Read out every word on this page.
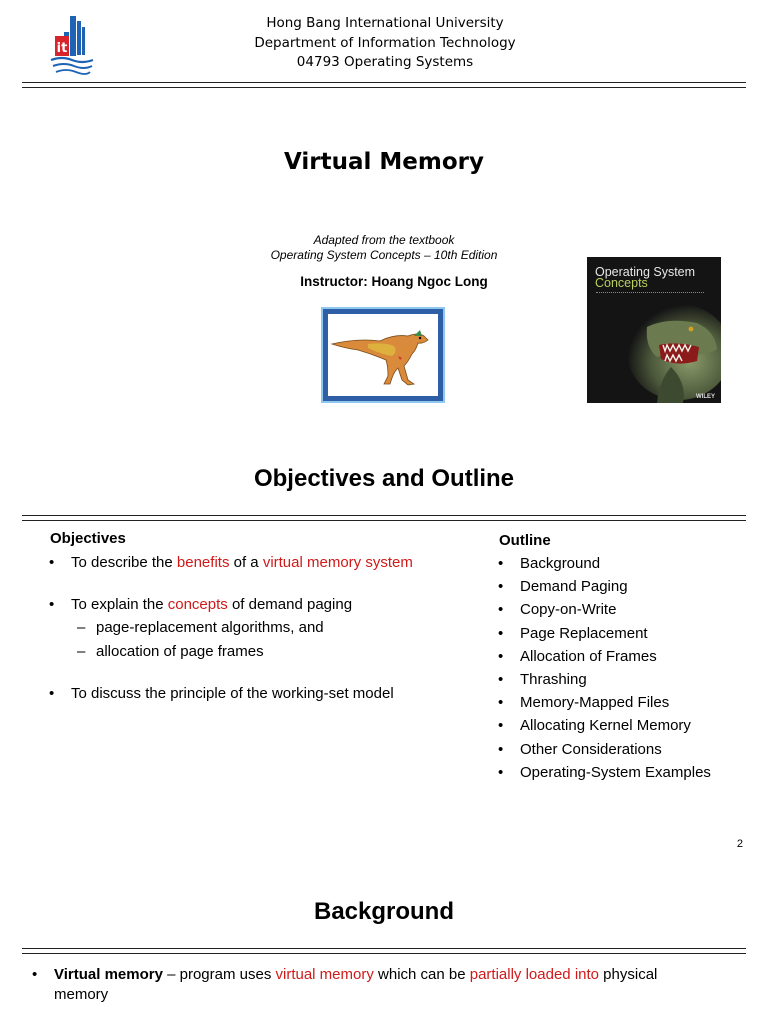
it
Hong Bang International University
Department of Information Technology
04793 Operating Systems
Virtual Memory
Adapted from the textbook
Operating System Concepts – 10th Edition
Instructor: Hoang Ngoc Long
Operating System
Concepts
WILEY
Objectives and Outline
Objectives
• To describe the benefits of a virtual memory system
• To explain the concepts of demand paging
– page-replacement algorithms, and
– allocation of page frames
• To discuss the principle of the working-set model
Outline
• Background
• Demand Paging
• Copy-on-Write
• Page Replacement
• Allocation of Frames
• Thrashing
• Memory-Mapped Files
• Allocating Kernel Memory
• Other Considerations
• Operating-System Examples
2
Background
• Virtual memory – program uses virtual memory which can be partially loaded into physical
memory
